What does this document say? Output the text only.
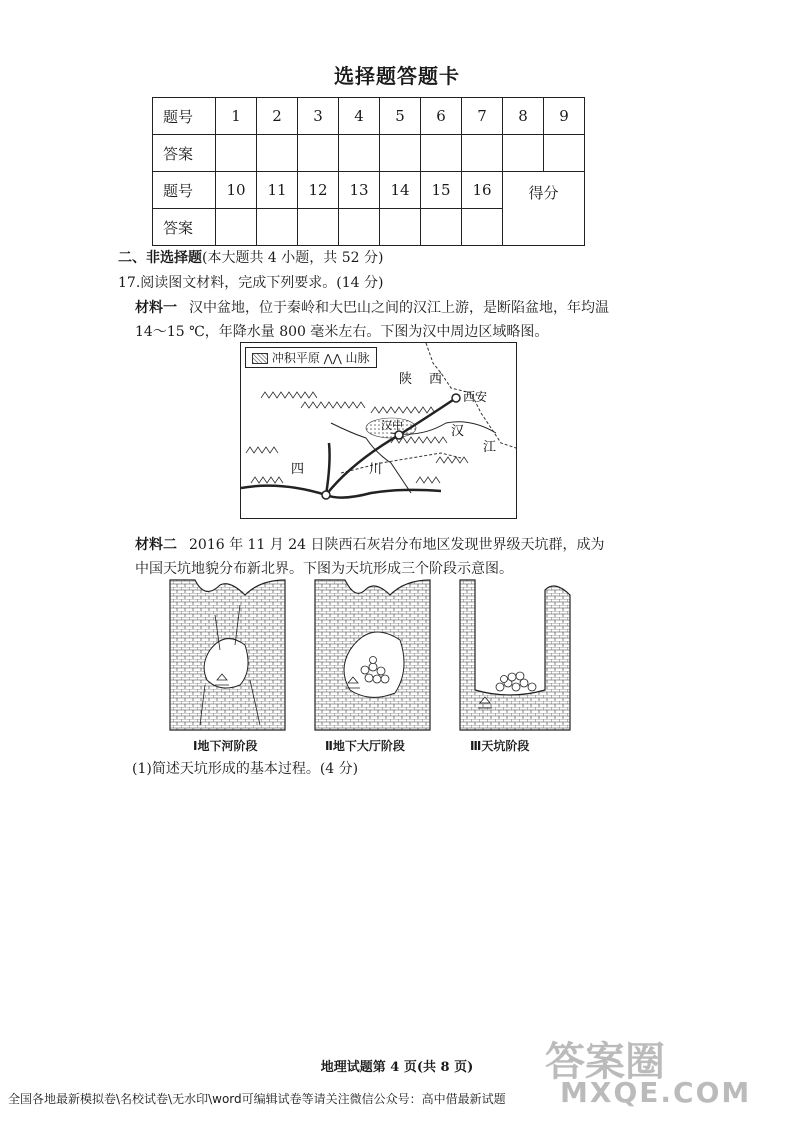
选择题答题卡
题号	1	2	3	4	5	6	7	8	9
答案									
题号	10	11	12	13	14	15	16	得分	
答案									
二、非选择题(本大题共 4 小题，共 52 分)
17.阅读图文材料，完成下列要求。(14 分)
材料一 汉中盆地，位于秦岭和大巴山之间的汉江上游，是断陷盆地，年均温 14～15 ℃，年降水量 800 毫米左右。下图为汉中周边区域略图。
陕 西
西安
汉中	汉
江
四	川
冲积平原 ⋀⋀ 山脉
材料二 2016 年 11 月 24 日陕西石灰岩分布地区发现世界级天坑群，成为中国天坑地貌分布新北界。下图为天坑形成三个阶段示意图。
Ⅰ地下河阶段	Ⅱ地下大厅阶段	Ⅲ天坑阶段
(1)简述天坑形成的基本过程。(4 分)
答案圈
MXQE.COM
地理试题第 4 页(共 8 页)
全国各地最新模拟卷\名校试卷\无水印\word可编辑试卷等请关注微信公众号：高中借最新试题
